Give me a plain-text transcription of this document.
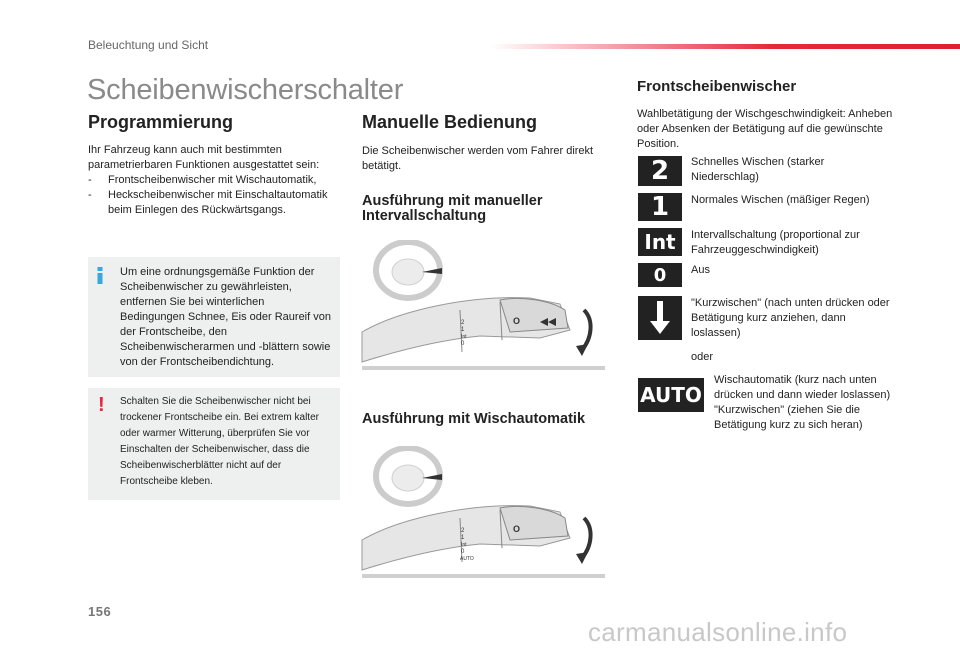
Beleuchtung und Sicht
Scheibenwischerschalter
Programmierung

Ihr Fahrzeug kann auch mit bestimmten parametrierbaren Funktionen ausgestattet sein:

- Frontscheibenwischer mit Wischautomatik,
- Heckscheibenwischer mit Einschaltautomatik beim Einlegen des Rückwärtsgangs.
Um eine ordnungsgemäße Funktion der Scheibenwischer zu gewährleisten, entfernen Sie bei winterlichen Bedingungen Schnee, Eis oder Raureif von der Frontscheibe, den Scheibenwischerarmen und -blättern sowie von der Frontscheibendichtung.
! Schalten Sie die Scheibenwischer nicht bei trockener Frontscheibe ein. Bei extrem kalter oder warmer Witterung, überprüfen Sie vor Einschalten der Scheibenwischer, dass die Scheibenwischerblätter nicht auf der Frontscheibe kleben.
Manuelle Bedienung

Die Scheibenwischer werden vom Fahrer direkt betätigt.

Ausführung mit manueller Intervallschaltung
2
1
Int
0
O
Ausführung mit Wischautomatik
2
1
Int
0
AUTO
O
Frontscheibenwischer

Wahlbetätigung der Wischgeschwindigkeit: Anheben oder Absenken der Betätigung auf die gewünschte Position.

2 Schnelles Wischen (starker Niederschlag)
1 Normales Wischen (mäßiger Regen)
Int Intervallschaltung (proportional zur Fahrzeuggeschwindigkeit)
0 Aus
"Kurzwischen" (nach unten drücken oder Betätigung kurz anziehen, dann loslassen)
oder
AUTO
Wischautomatik (kurz nach unten drücken und dann wieder loslassen)
"Kurzwischen" (ziehen Sie die Betätigung kurz zu sich heran)
156
carmanualsonline.info
